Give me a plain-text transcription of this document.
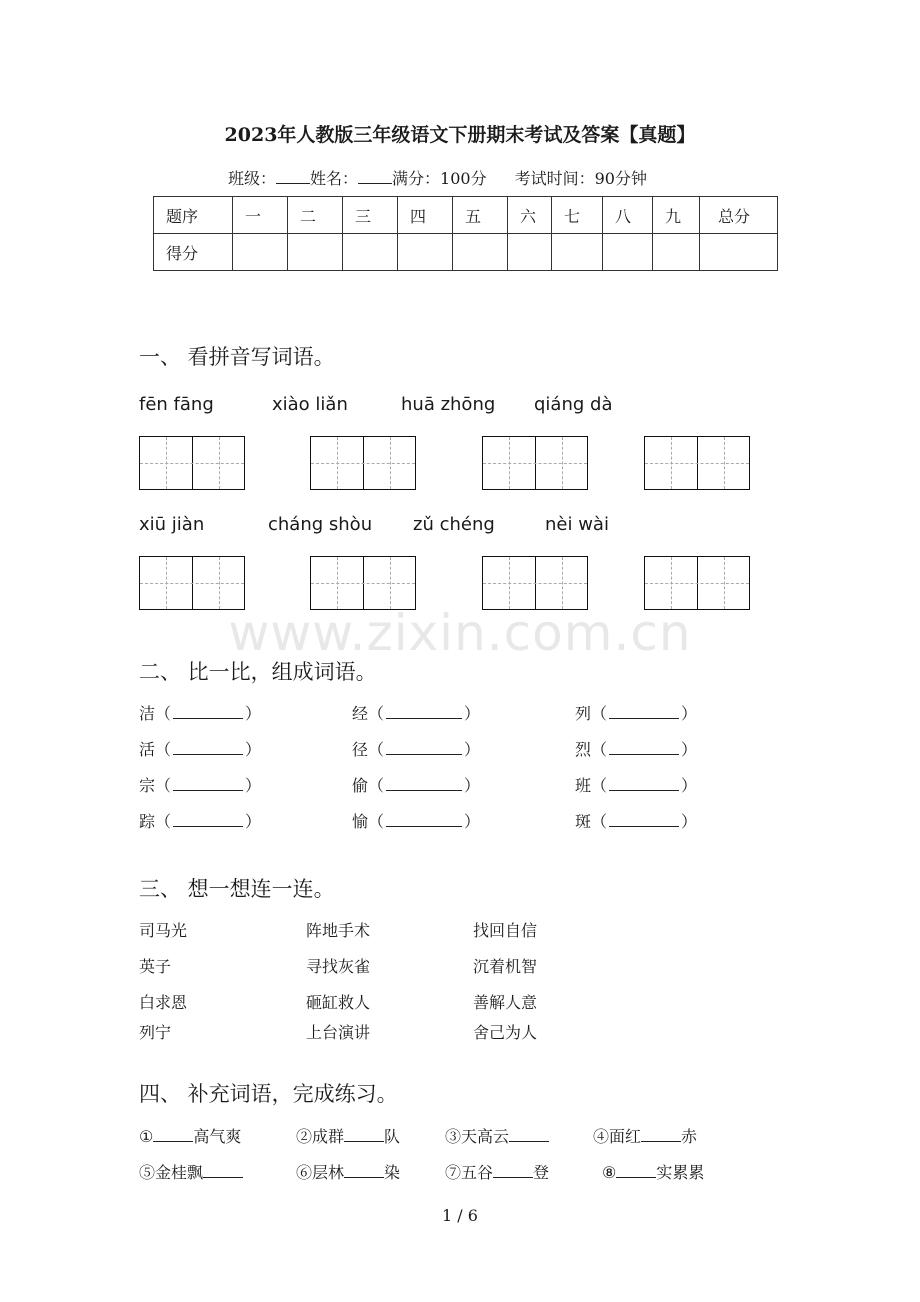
www.zixin.com.cn
2023年人教版三年级语文下册期末考试及答案【真题】
班级： 姓名： 满分：100分 考试时间：90分钟
题序	一	二	三	四	五	六	七	八	九	总分
得分										
一、 看拼音写词语。
fēn fāng	xiào liǎn	huā zhōng qiáng dà
xiū jiàn	cháng shòu zǔ chéng	nèi wài
二、 比一比，组成词语。
洁（	）	经（	）	列（	）
活（	）	径（	）	烈（	）
宗（	）	偷（	）	班（	）
踪（	）	愉（	）	斑（	）
三、 想一想连一连。
司马光	阵地手术	找回自信
英子	寻找灰雀	沉着机智
白求恩	砸缸救人	善解人意
列宁	上台演讲	舍己为人
四、 补充词语，完成练习。
①	高气爽	②成群	队	③天高云	④面红	赤
⑤金桂飘	⑥层林	染	⑦五谷	登	⑧	实累累
1 / 6
